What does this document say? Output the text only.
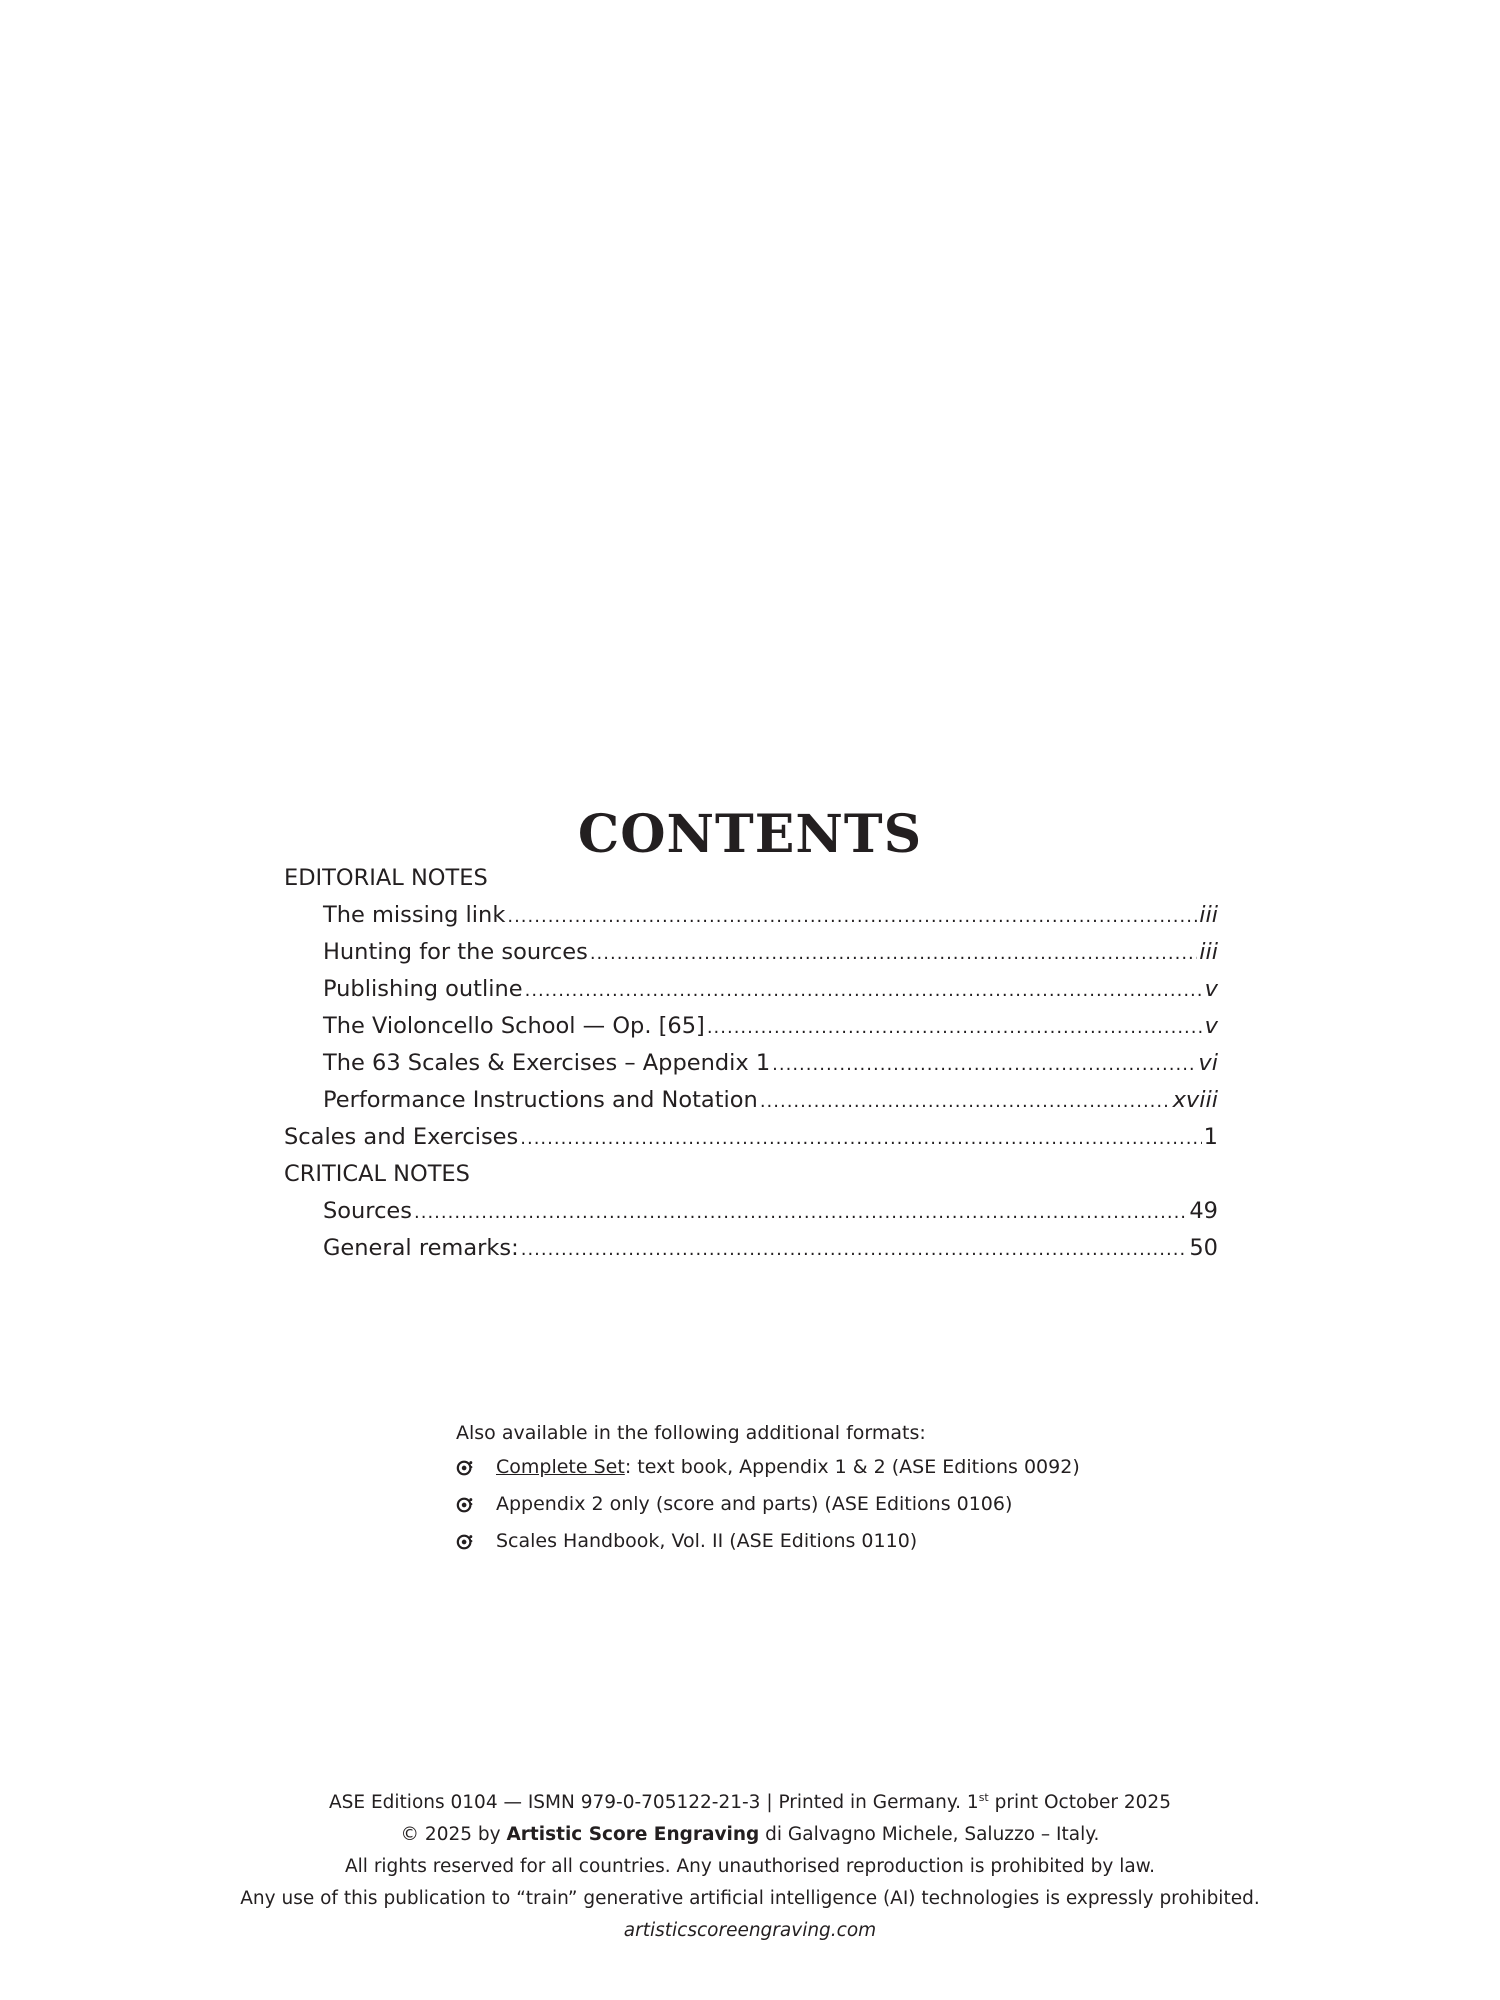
CONTENTS
EDITORIAL NOTES
The missing link .....	iii
Hunting for the sources .....	iii
Publishing outline .....	v
The Violoncello School — Op. [65] .....	v
The 63 Scales & Exercises – Appendix 1 .....	vi
Performance Instructions and Notation .....	xviii
Scales and Exercises .....	1
CRITICAL NOTES
Sources .....	49
General remarks: .....	50
Also available in the following additional formats:
Complete Set: text book, Appendix 1 & 2 (ASE Editions 0092)
Appendix 2 only (score and parts) (ASE Editions 0106)
Scales Handbook, Vol. II (ASE Editions 0110)
ASE Editions 0104 — ISMN 979-0-705122-21-3 | Printed in Germany. 1st print October 2025
© 2025 by Artistic Score Engraving di Galvagno Michele, Saluzzo – Italy.
All rights reserved for all countries. Any unauthorised reproduction is prohibited by law.
Any use of this publication to “train” generative artificial intelligence (AI) technologies is expressly prohibited.
artisticscoreengraving.com
